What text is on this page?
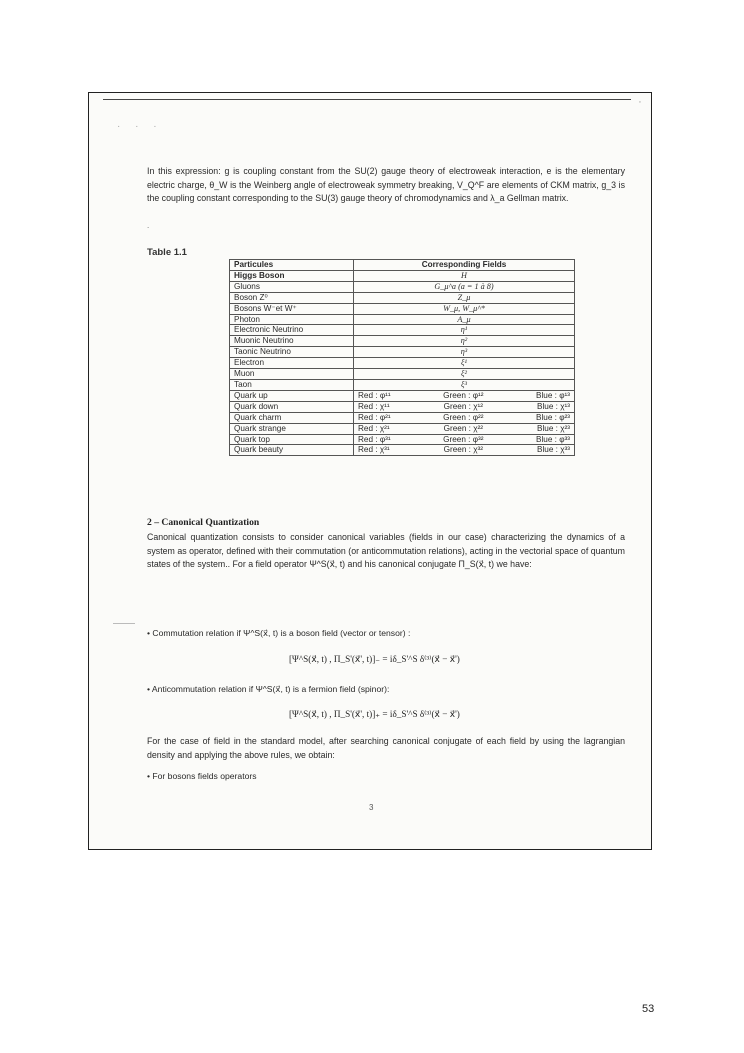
· · ·
◦

In this expression: g is coupling constant from the SU(2) gauge theory of electroweak interaction, e is the elementary electric charge, θ_W is the Weinberg angle of electroweak symmetry breaking, V_Q^F are elements of CKM matrix, g_3 is the coupling constant corresponding to the SU(3) gauge theory of chromodynamics and λ_a Gellman matrix.

.
Table 1.1
Particules	Corresponding Fields
Higgs Boson	H
Gluons	G_μ^a (a = 1 à 8)
Boson Z⁰	Z_μ
Bosons W⁻et W⁺	W_μ, W_μ^*
Photon	A_μ
Electronic Neutrino	η¹
Muonic Neutrino	η²
Taonic Neutrino	η³
Electron	ξ¹
Muon	ξ²
Taon	ξ³
Quark up	Red : φ¹¹ Green : φ¹² Blue : φ¹³

Quark down	Red : χ¹¹ Green : χ¹² Blue : χ¹³

Quark charm	Red : φ²¹ Green : φ²² Blue : φ²³

Quark strange	Red : χ²¹ Green : χ²² Blue : χ²³

Quark top	Red : φ³¹ Green : φ³² Blue : φ³³

Quark beauty	Red : χ³¹ Green : χ³² Blue : χ³³
2 – Canonical Quantization

Canonical quantization consists to consider canonical variables (fields in our case) characterizing the dynamics of a system as operator, defined with their commutation (or anticommutation relations), acting in the vectorial space of quantum states of the system.. For a field operator Ψ^S(x⃗, t) and his canonical conjugate Π_S(x⃗, t) we have:

• Commutation relation if Ψ^S(x⃗, t) is a boson field (vector or tensor) :
[Ψ^S(x⃗, t) , Π_S'(x⃗', t)]₋ = iδ_S'^S δ⁽³⁾(x⃗ − x⃗')
• Anticommutation relation if Ψ^S(x⃗, t) is a fermion field (spinor):
[Ψ^S(x⃗, t) , Π_S'(x⃗', t)]₊ = iδ_S'^S δ⁽³⁾(x⃗ − x⃗')

For the case of field in the standard model, after searching canonical conjugate of each field by using the lagrangian density and applying the above rules, we obtain:

• For bosons fields operators
3
53
